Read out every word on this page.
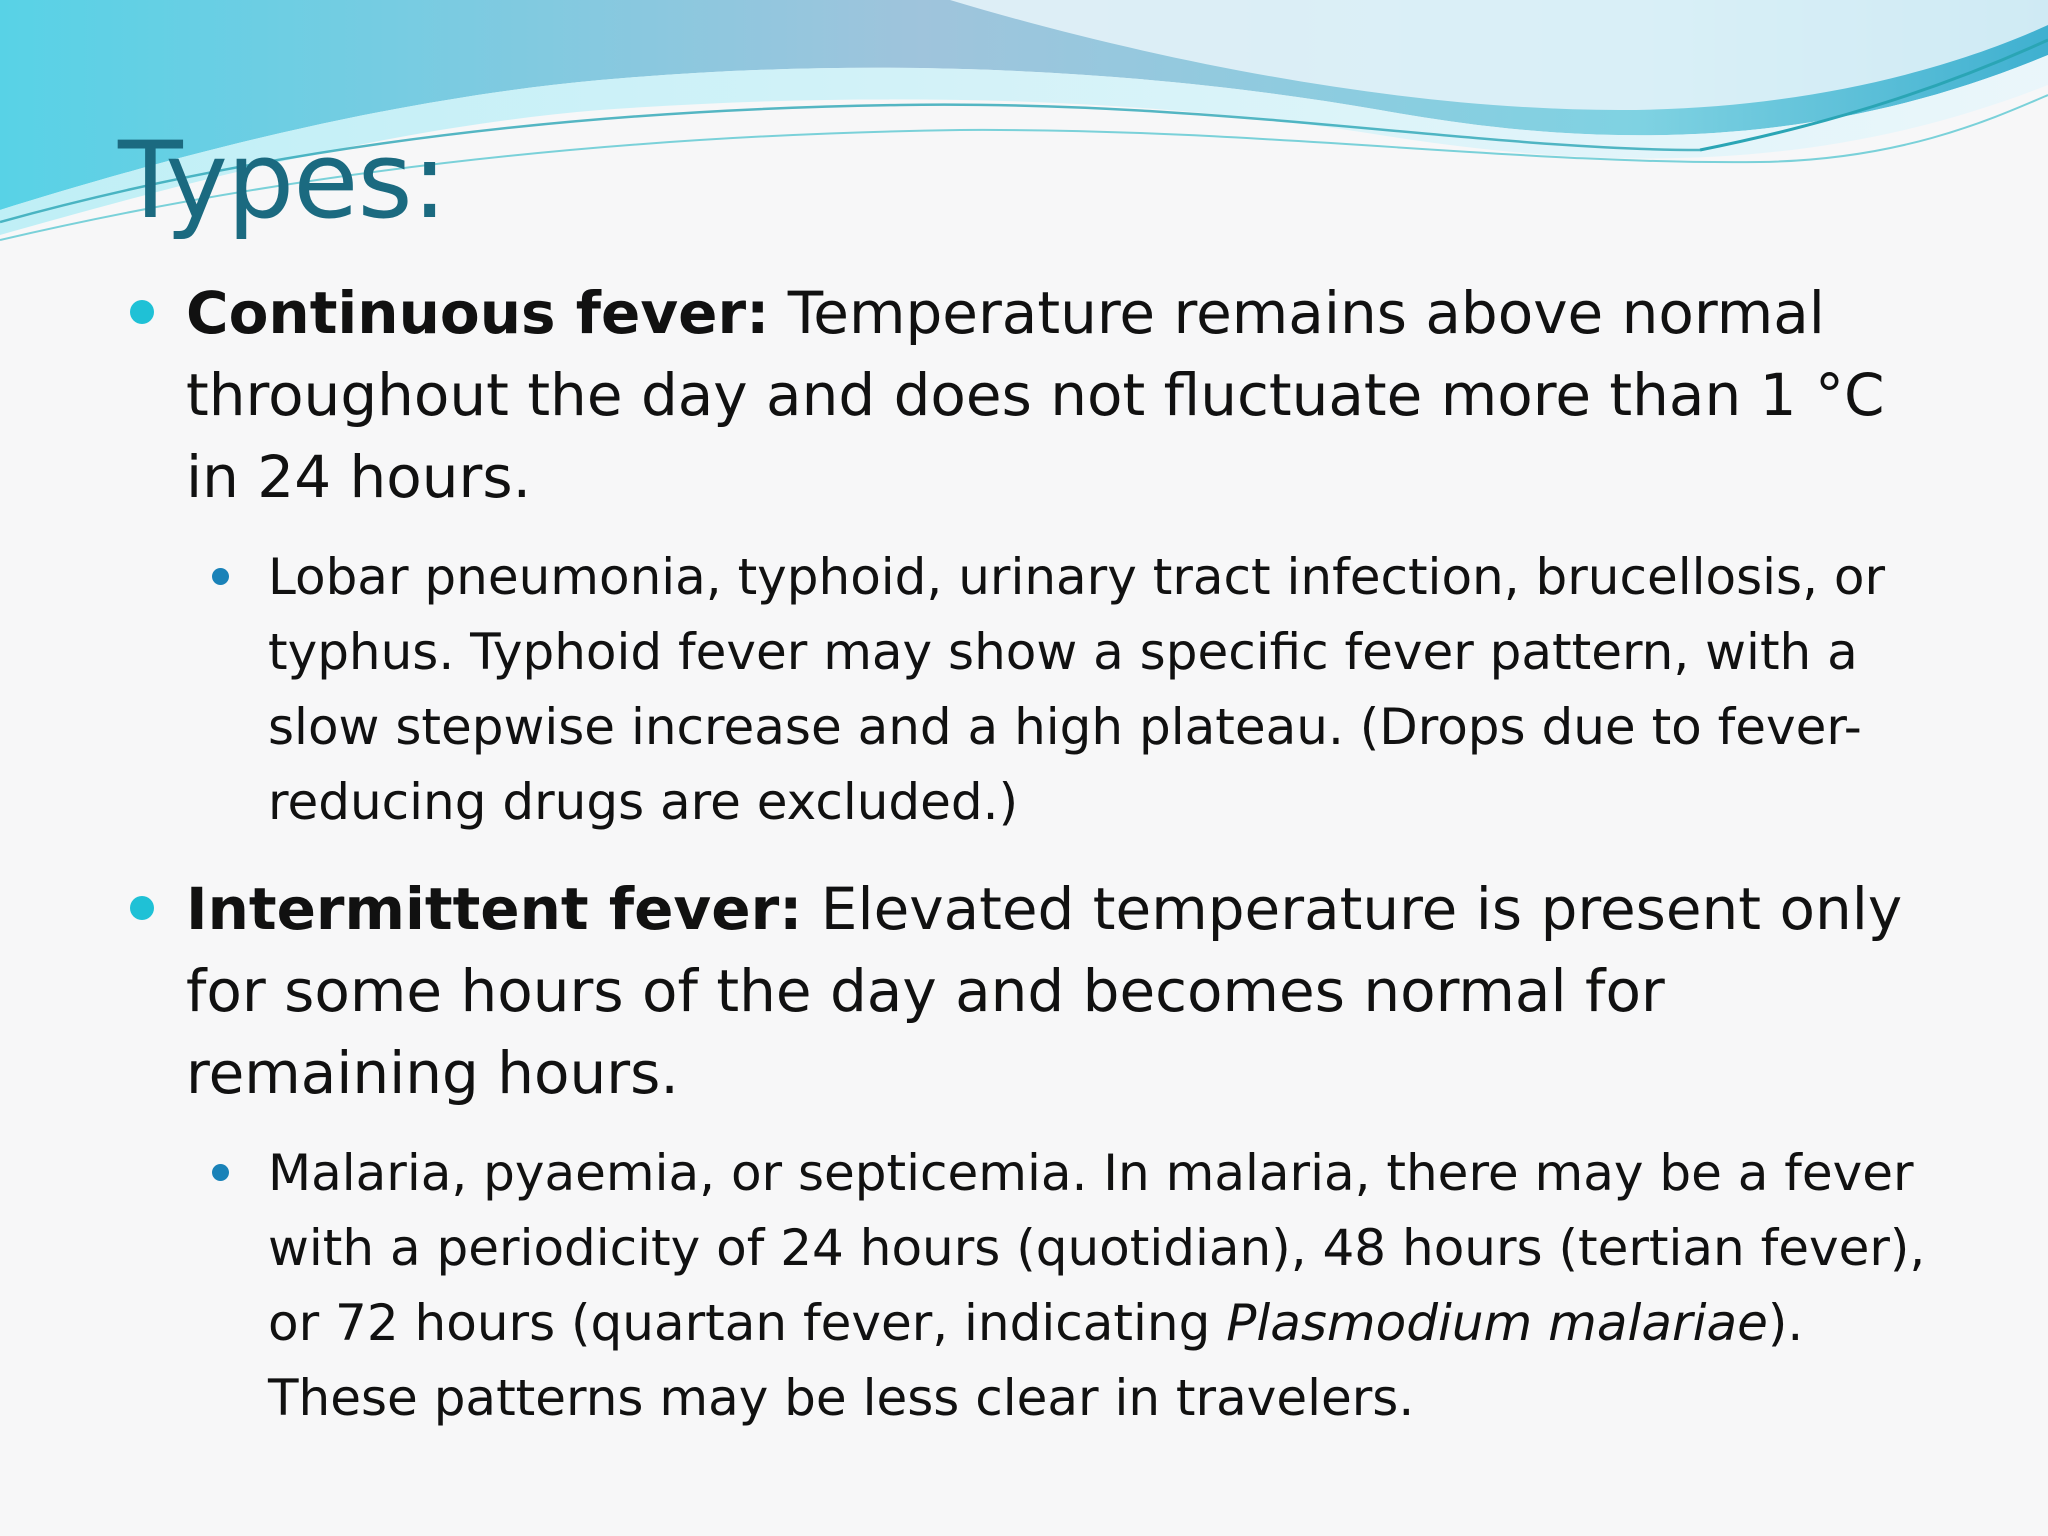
Types:
Continuous fever: Temperature remains above normal throughout the day and does not fluctuate more than 1 °C in 24 hours.
Lobar pneumonia, typhoid, urinary tract infection, brucellosis, or typhus. Typhoid fever may show a specific fever pattern, with a slow stepwise increase and a high plateau. (Drops due to fever-reducing drugs are excluded.)
Intermittent fever: Elevated temperature is present only for some hours of the day and becomes normal for remaining hours.
Malaria, pyaemia, or septicemia. In malaria, there may be a fever with a periodicity of 24 hours (quotidian), 48 hours (tertian fever), or 72 hours (quartan fever, indicating Plasmodium malariae). These patterns may be less clear in travelers.
